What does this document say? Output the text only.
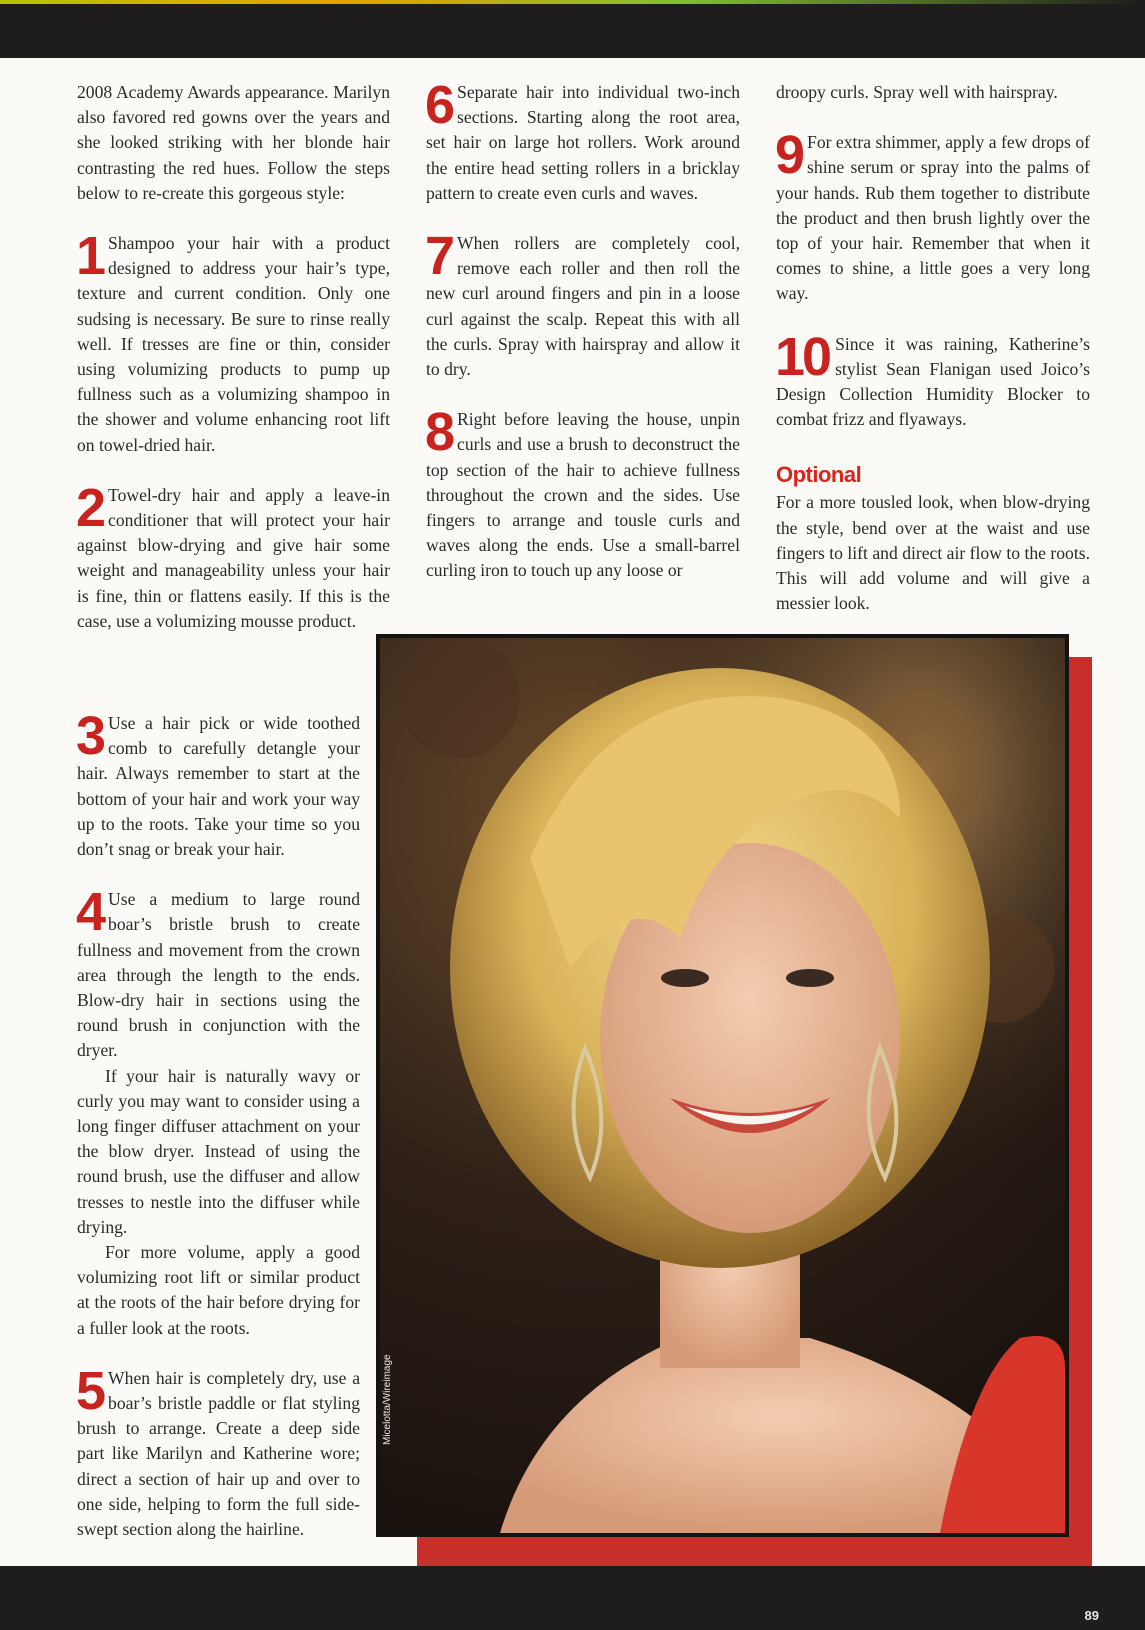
2008 Academy Awards appearance. Marilyn also favored red gowns over the years and she looked striking with her blonde hair contrasting the red hues. Follow the steps below to re-create this gorgeous style:

1 Shampoo your hair with a product designed to address your hair’s type, texture and current condition. Only one sudsing is necessary. Be sure to rinse really well. If tresses are fine or thin, consider using volumizing products to pump up fullness such as a volumizing shampoo in the shower and volume enhancing root lift on towel-dried hair.

2 Towel-dry hair and apply a leave-in conditioner that will protect your hair against blow-drying and give hair some weight and manageability unless your hair is fine, thin or flattens easily. If this is the case, use a volumizing mousse product.

3 Use a hair pick or wide toothed comb to carefully detangle your hair. Always remember to start at the bottom of your hair and work your way up to the roots. Take your time so you don’t snag or break your hair.

4 Use a medium to large round boar’s bristle brush to create fullness and movement from the crown area through the length to the ends. Blow-dry hair in sections using the round brush in conjunction with the dryer.

If your hair is naturally wavy or curly you may want to consider using a long finger diffuser attachment on your the blow dryer. Instead of using the round brush, use the diffuser and allow tresses to nestle into the diffuser while drying.

For more volume, apply a good volumizing root lift or similar product at the roots of the hair before drying for a fuller look at the roots.

5 When hair is completely dry, use a boar’s bristle paddle or flat styling brush to arrange. Create a deep side part like Marilyn and Katherine wore; direct a section of hair up and over to one side, helping to form the full side-swept section along the hairline.

6 Separate hair into individual two-inch sections. Starting along the root area, set hair on large hot rollers. Work around the entire head setting rollers in a bricklay pattern to create even curls and waves.

7 When rollers are completely cool, remove each roller and then roll the new curl around fingers and pin in a loose curl against the scalp. Repeat this with all the curls. Spray with hairspray and allow it to dry.

8 Right before leaving the house, unpin curls and use a brush to deconstruct the top section of the hair to achieve fullness throughout the crown and the sides. Use fingers to arrange and tousle curls and waves along the ends. Use a small-barrel curling iron to touch up any loose or

droopy curls. Spray well with hairspray.

9 For extra shimmer, apply a few drops of shine serum or spray into the palms of your hands. Rub them together to distribute the product and then brush lightly over the top of your hair. Remember that when it comes to shine, a little goes a very long way.

10 Since it was raining, Katherine’s stylist Sean Flanigan used Joico’s Design Collection Humidity Blocker to combat frizz and flyaways.

Optional

For a more tousled look, when blow-drying the style, bend over at the waist and use fingers to lift and direct air flow to the roots. This will add volume and will give a messier look.

Micelotta/Wireimage
89
